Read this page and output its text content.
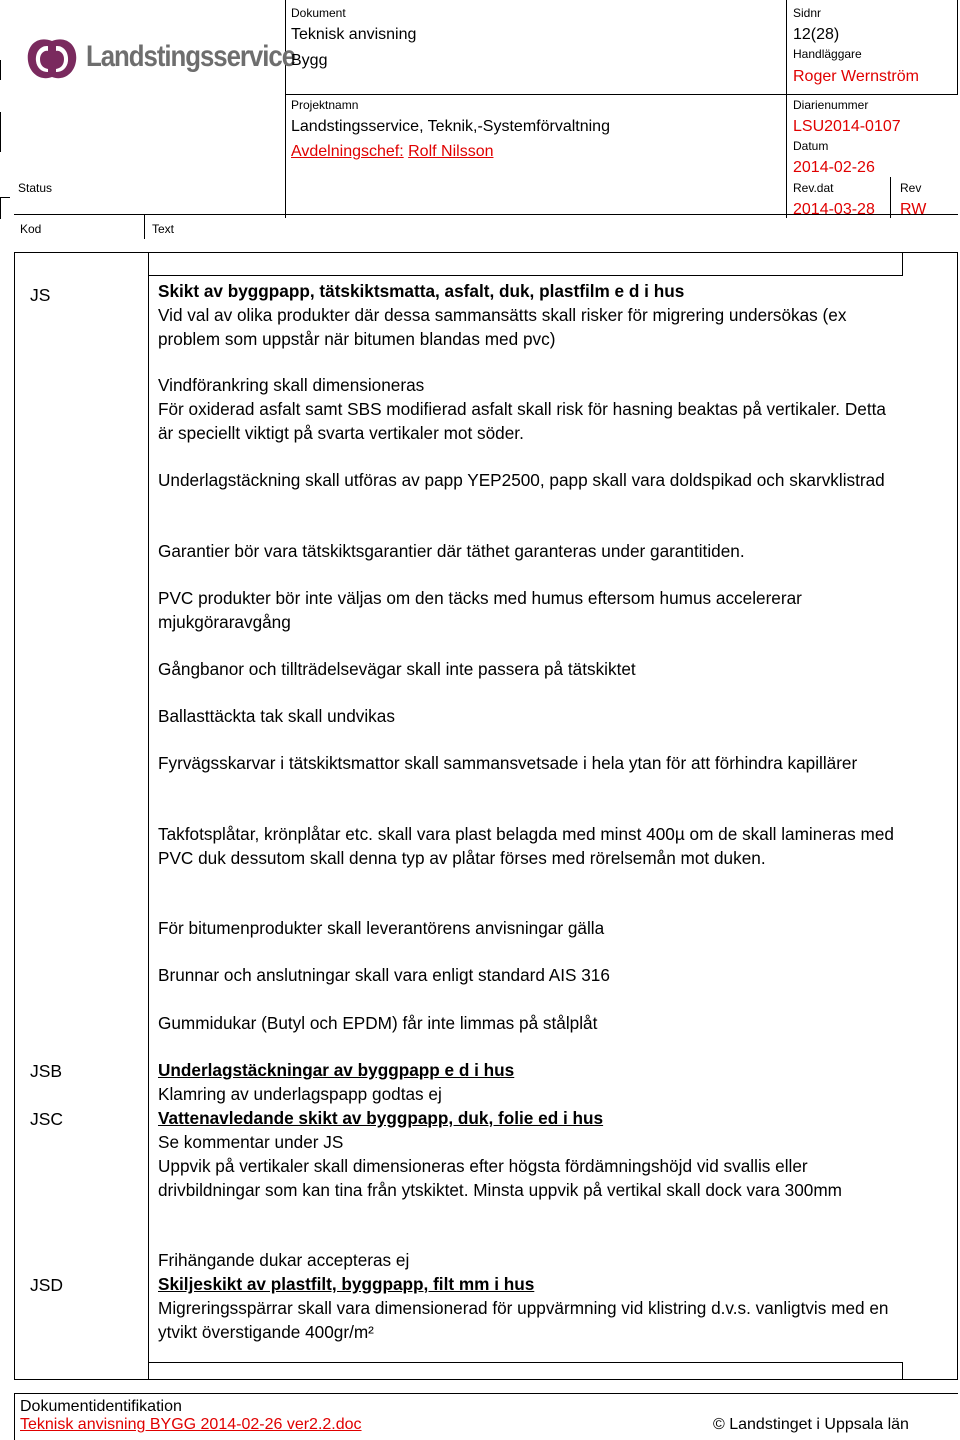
Landstingsservice
Dokument
Teknisk anvisning
Bygg
Sidnr
12(28)
Handläggare
Roger Wernström
Projektnamn
Landstingsservice, Teknik,-Systemförvaltning
Avdelningschef: Rolf Nilsson
Diarienummer
LSU2014-0107
Datum
2014-02-26
Status	Rev.dat
2014-03-28
Rev
RW
Kod	Text
JS	Skikt av byggpapp, tätskiktsmatta, asfalt, duk, plastfilm e d i hus

Vid val av olika produkter där dessa sammansätts skall risker för migrering undersökas (ex problem som uppstår när bitumen blandas med pvc)

Vindförankring skall dimensioneras

För oxiderad asfalt samt SBS modifierad asfalt skall risk för hasning beaktas på vertikaler. Detta är speciellt viktigt på svarta vertikaler mot söder.

Underlagstäckning skall utföras av papp YEP2500, papp skall vara doldspikad och skarvklistrad

Garantier bör vara tätskiktsgarantier där täthet garanteras under garantitiden.

PVC produkter bör inte väljas om den täcks med humus eftersom humus accelererar mjukgöraravgång

Gångbanor och tillträdelsevägar skall inte passera på tätskiktet

Ballasttäckta tak skall undvikas

Fyrvägsskarvar i tätskiktsmattor skall sammansvetsade i hela ytan för att förhindra kapillärer

Takfotsplåtar, krönplåtar etc. skall vara plast belagda med minst 400µ om de skall lamineras med PVC duk dessutom skall denna typ av plåtar förses med rörelsemån mot duken.

För bitumenprodukter skall leverantörens anvisningar gälla

Brunnar och anslutningar skall vara enligt standard AIS 316

Gummidukar (Butyl och EPDM) får inte limmas på stålplåt

JSB	Underlagstäckningar av byggpapp e d i hus

Klamring av underlagspapp godtas ej

JSC	Vattenavledande skikt av byggpapp, duk, folie ed i hus

Se kommentar under JS

Uppvik på vertikaler skall dimensioneras efter högsta fördämningshöjd vid svallis eller drivbildningar som kan tina från ytskiktet. Minsta uppvik på vertikal skall dock vara 300mm

Frihängande dukar accepteras ej

JSD	Skiljeskikt av plastfilt, byggpapp, filt mm i hus

Migreringsspärrar skall vara dimensionerad för uppvärmning vid klistring d.v.s. vanligtvis med en ytvikt överstigande 400gr/m²

Dokumentidentifikation
Teknisk anvisning BYGG 2014-02-26 ver2.2.doc	© Landstinget i Uppsala län
